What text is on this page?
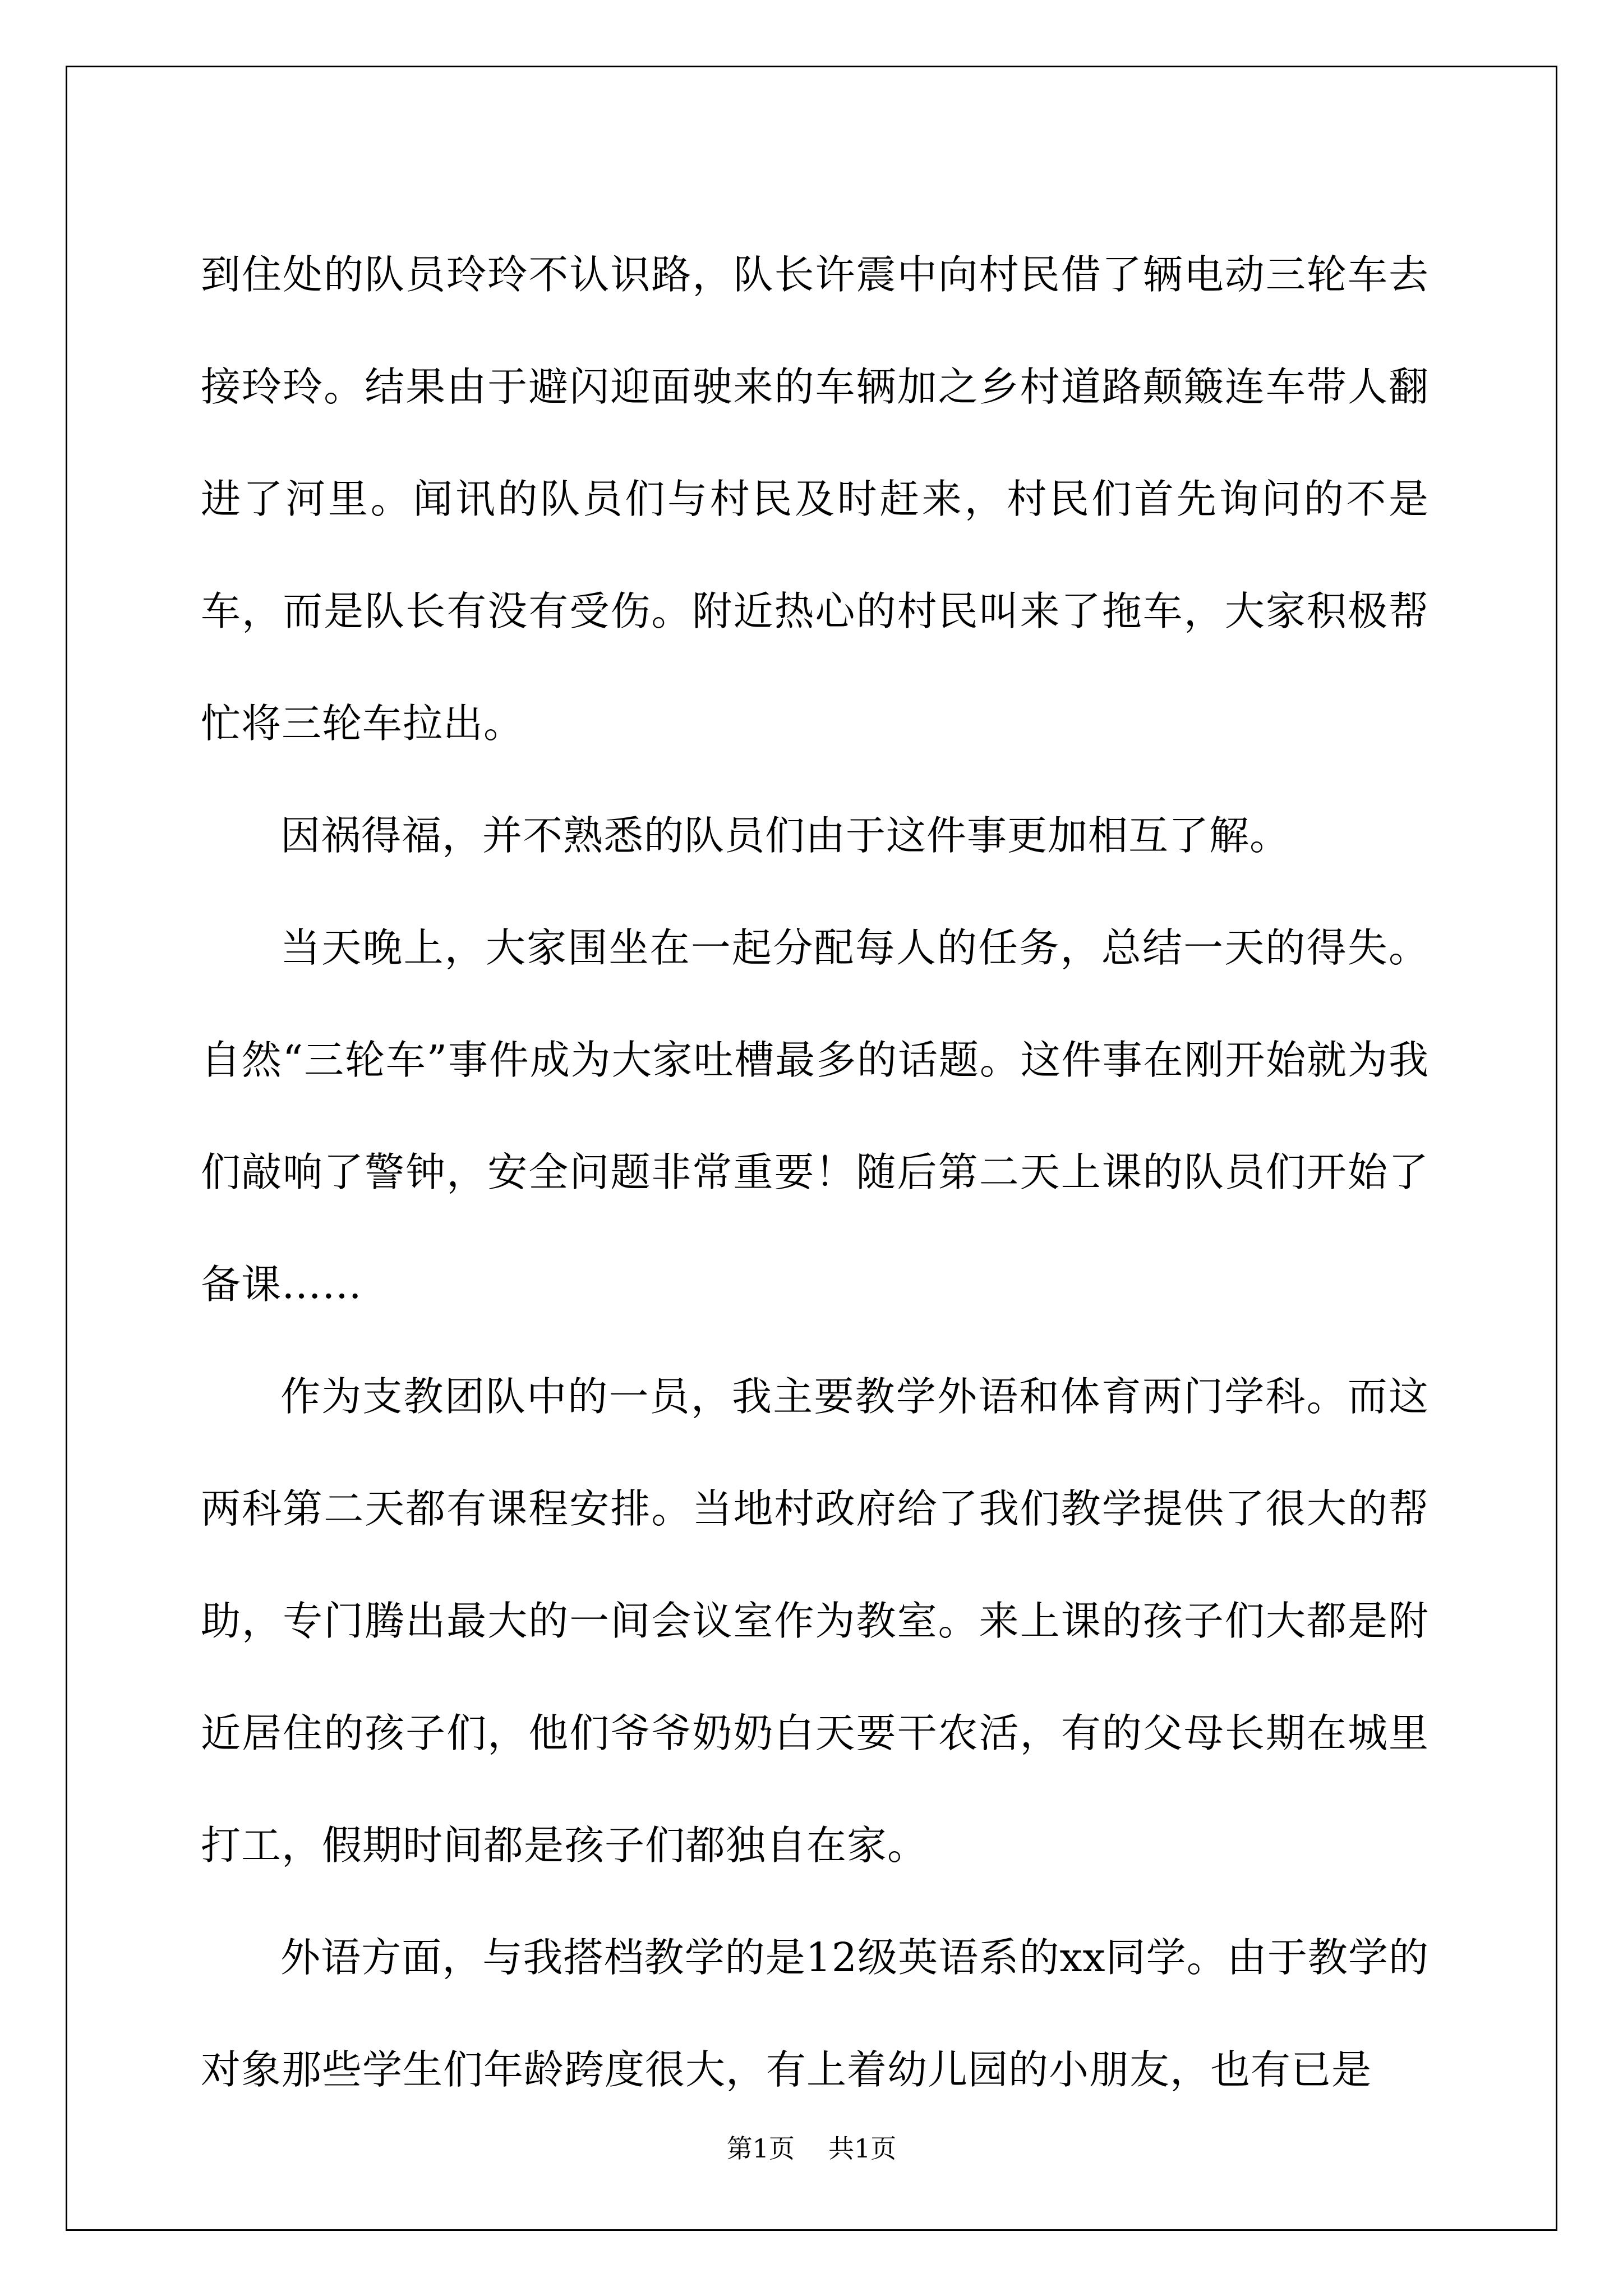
到住处的队员玲玲不认识路，队长许震中向村民借了辆电动三轮车去接玲玲。结果由于避闪迎面驶来的车辆加之乡村道路颠簸连车带人翻进了河里。闻讯的队员们与村民及时赶来，村民们首先询问的不是车，而是队长有没有受伤。附近热心的村民叫来了拖车，大家积极帮忙将三轮车拉出。

因祸得福，并不熟悉的队员们由于这件事更加相互了解。

当天晚上，大家围坐在一起分配每人的任务，总结一天的得失。自然“三轮车”事件成为大家吐槽最多的话题。这件事在刚开始就为我们敲响了警钟，安全问题非常重要！随后第二天上课的队员们开始了备课……

作为支教团队中的一员，我主要教学外语和体育两门学科。而这两科第二天都有课程安排。当地村政府给了我们教学提供了很大的帮助，专门腾出最大的一间会议室作为教室。来上课的孩子们大都是附近居住的孩子们，他们爷爷奶奶白天要干农活，有的父母长期在城里打工，假期时间都是孩子们都独自在家。

外语方面，与我搭档教学的是12级英语系的xx同学。由于教学的对象那些学生们年龄跨度很大，有上着幼儿园的小朋友，也有已是

第1页 共1页
